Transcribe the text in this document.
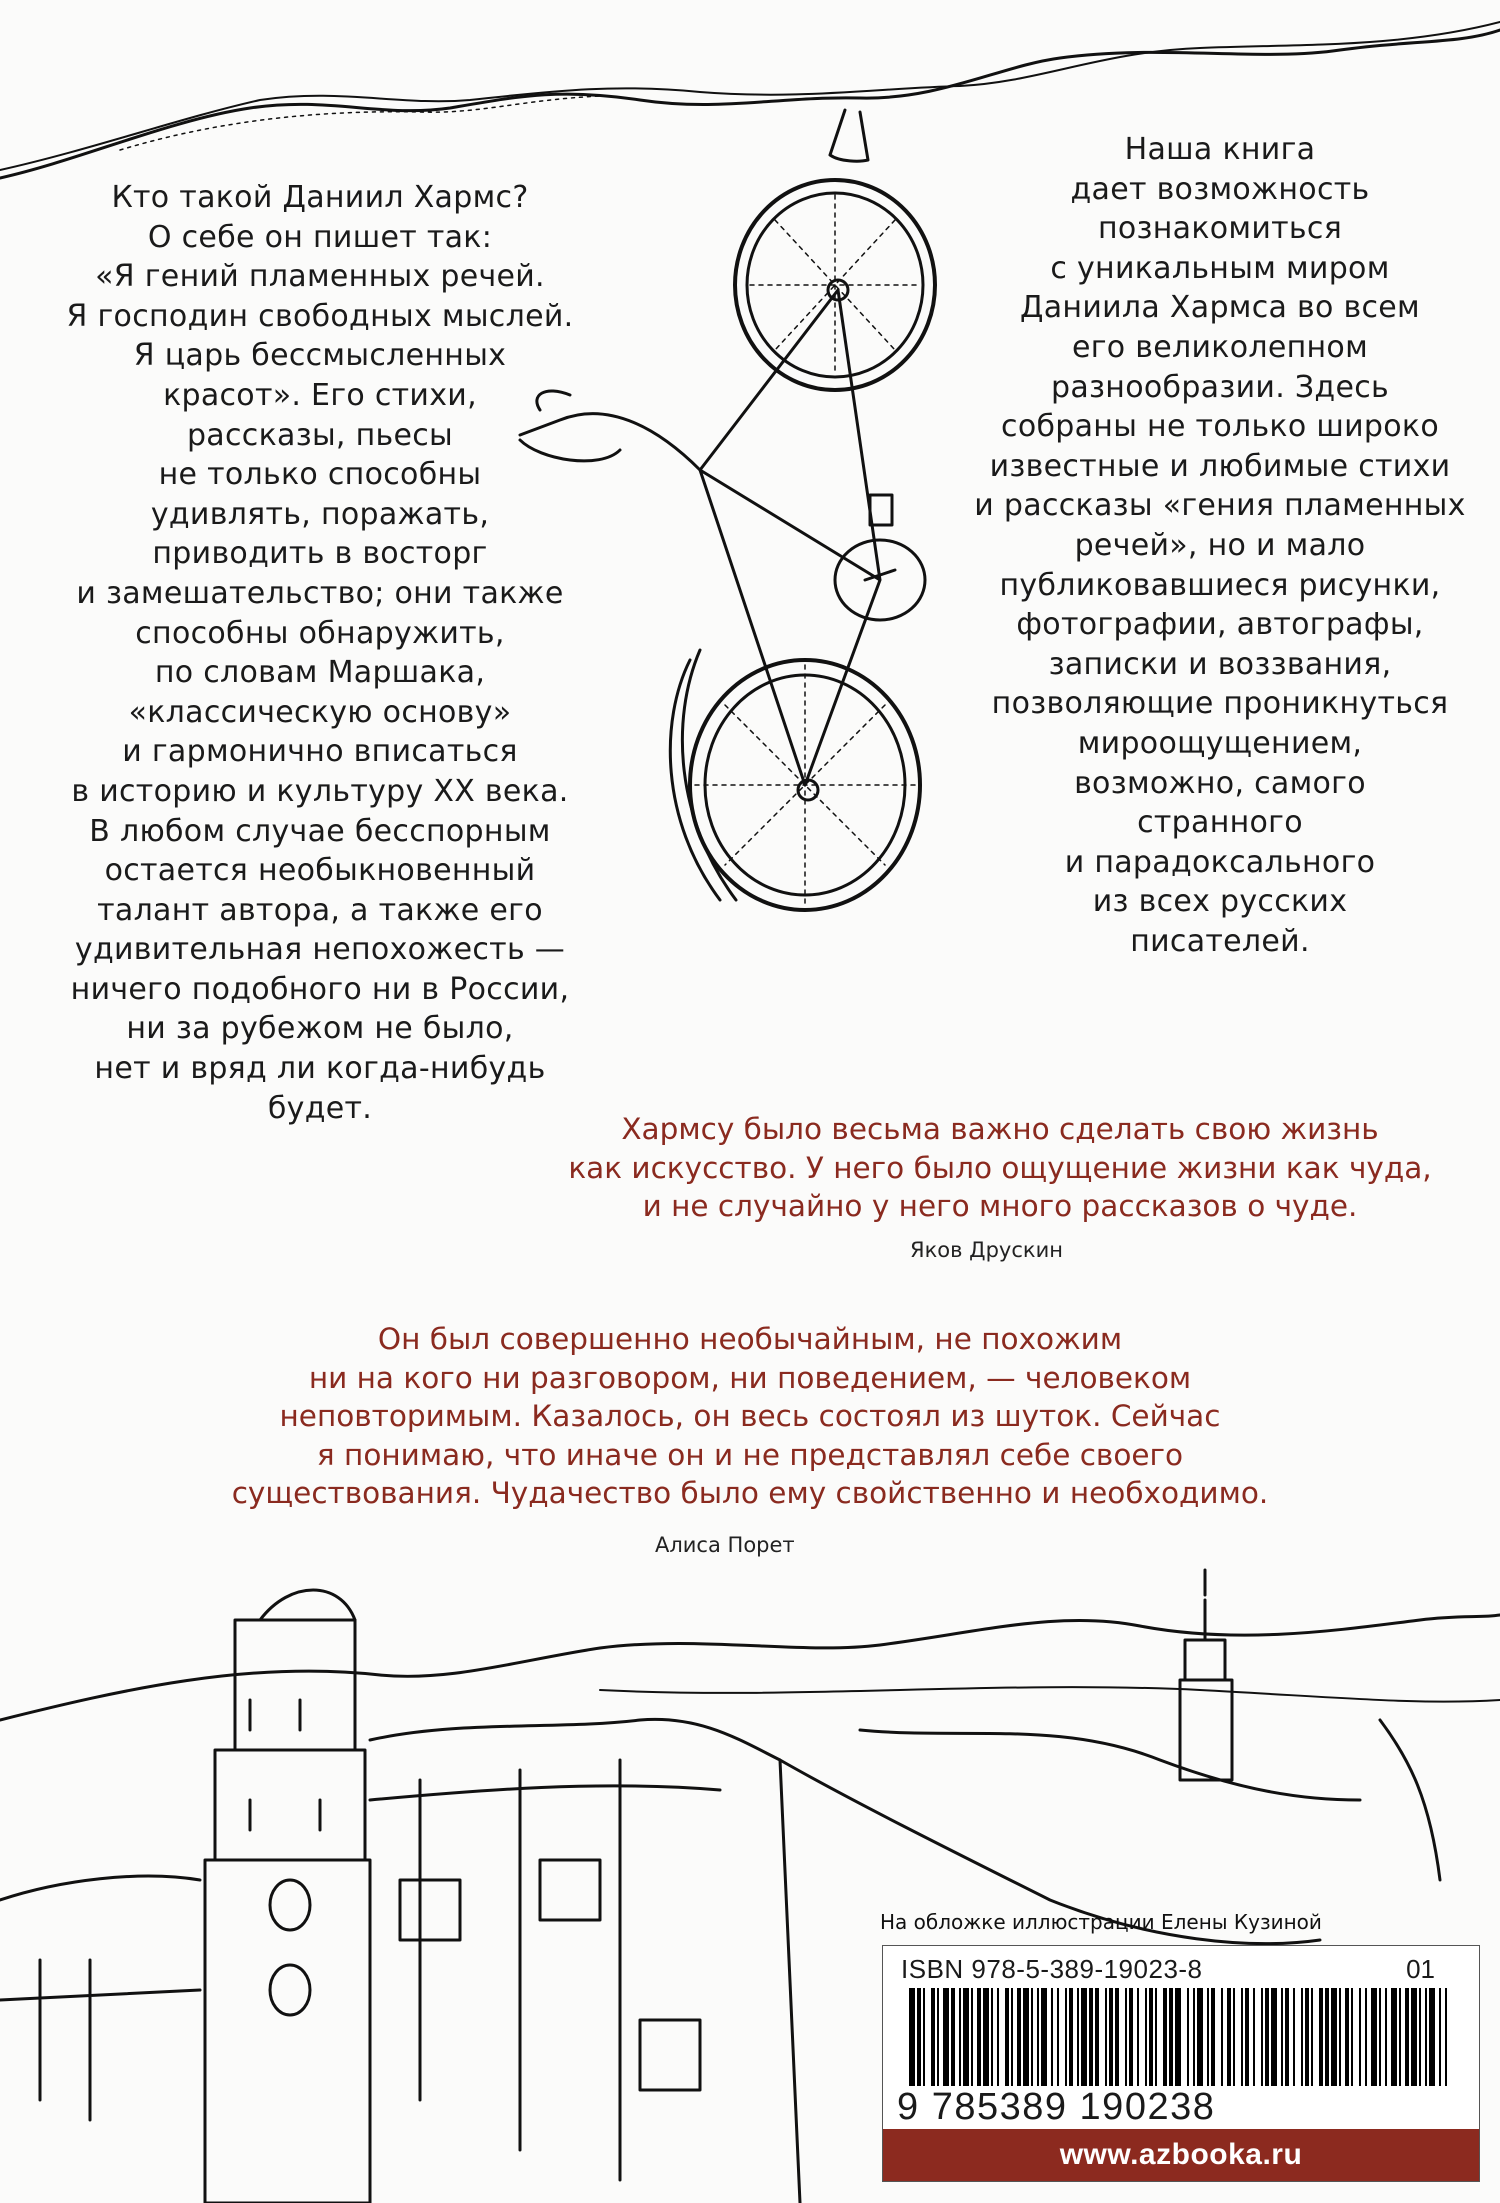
Кто такой Даниил Хармс?
О себе он пишет так:
«Я гений пламенных речей.
Я господин свободных мыслей.
Я царь бессмысленных
красот». Его стихи,
рассказы, пьесы
не только способны
удивлять, поражать,
приводить в восторг
и замешательство; они также
способны обнаружить,
по словам Маршака,
«классическую основу»
и гармонично вписаться
в историю и культуру XX века.
В любом случае бесспорным
остается необыкновенный
талант автора, а также его
удивительная непохожесть —
ничего подобного ни в России,
ни за рубежом не было,
нет и вряд ли когда-нибудь
будет.
Наша книга
дает возможность
познакомиться
с уникальным миром
Даниила Хармса во всем
его великолепном
разнообразии. Здесь
собраны не только широко
известные и любимые стихи
и рассказы «гения пламенных
речей», но и мало
публиковавшиеся рисунки,
фотографии, автографы,
записки и воззвания,
позволяющие проникнуться
мироощущением,
возможно, самого
странного
и парадоксального
из всех русских
писателей.
Хармсу было весьма важно сделать свою жизнь
как искусство. У него было ощущение жизни как чуда,
и не случайно у него много рассказов о чуде.
Яков Друскин
Он был совершенно необычайным, не похожим
ни на кого ни разговором, ни поведением, — человеком
неповторимым. Казалось, он весь состоял из шуток. Сейчас
я понимаю, что иначе он и не представлял себе своего
существования. Чудачество было ему свойственно и необходимо.
Алиса Порет
На обложке иллюстрации Елены Кузиной
ISBN 978-5-389-19023-8	01
9 785389 190238
www.azbooka.ru
